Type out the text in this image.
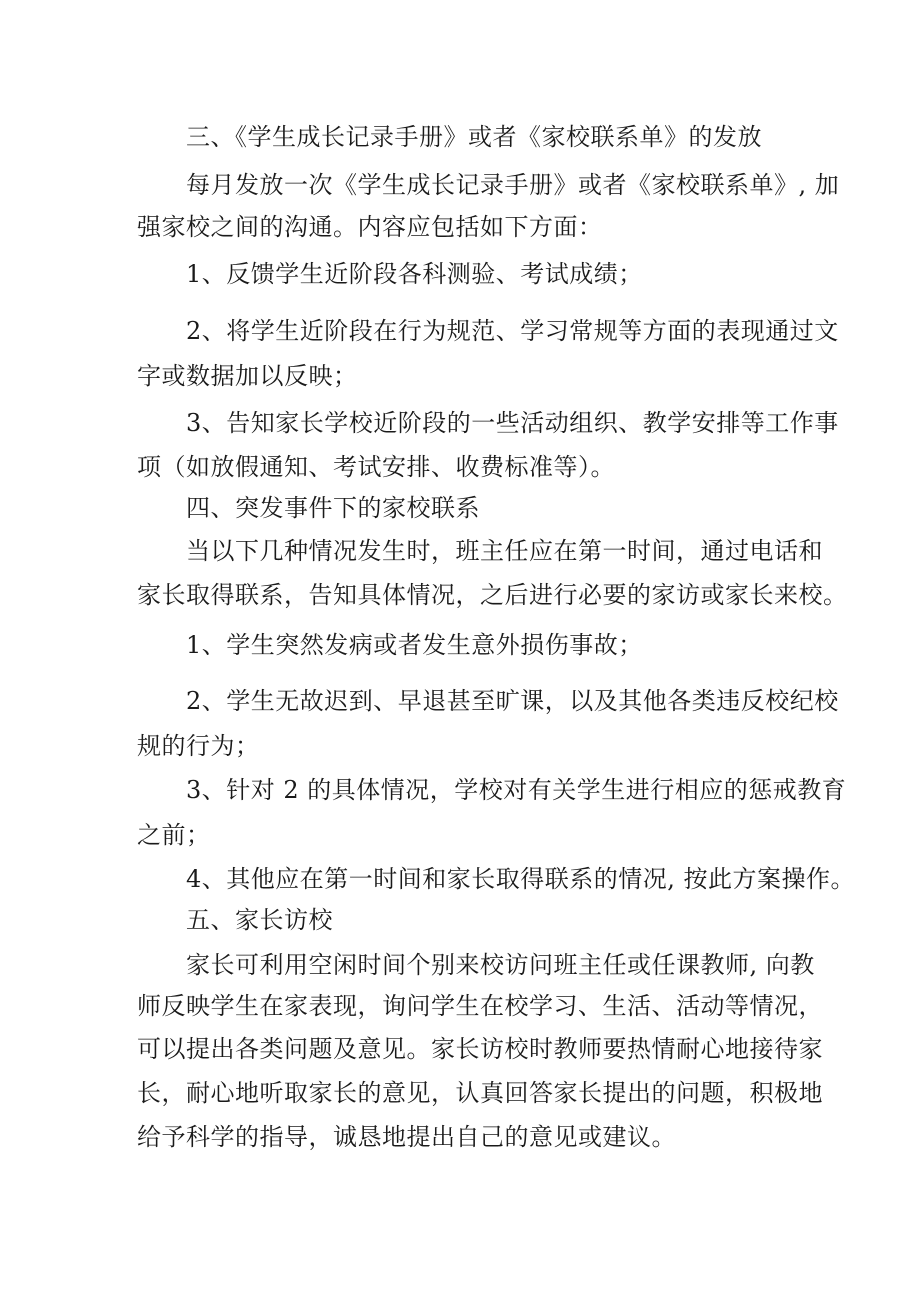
三、《学生成长记录手册》或者《家校联系单》的发放
每月发放一次《学生成长记录手册》或者《家校联系单》, 加
强家校之间的沟通。内容应包括如下方面：
1、反馈学生近阶段各科测验、考试成绩；
2、将学生近阶段在行为规范、学习常规等方面的表现通过文
字或数据加以反映；
3、告知家长学校近阶段的一些活动组织、教学安排等工作事
项（如放假通知、考试安排、收费标准等）。
四、突发事件下的家校联系
当以下几种情况发生时，班主任应在第一时间，通过电话和
家长取得联系，告知具体情况，之后进行必要的家访或家长来校。
1、学生突然发病或者发生意外损伤事故；
2、学生无故迟到、早退甚至旷课，以及其他各类违反校纪校
规的行为；
3、针对 2 的具体情况，学校对有关学生进行相应的惩戒教育
之前；
4、其他应在第一时间和家长取得联系的情况, 按此方案操作。
五、家长访校
家长可利用空闲时间个别来校访问班主任或任课教师, 向教
师反映学生在家表现，询问学生在校学习、生活、活动等情况，
可以提出各类问题及意见。家长访校时教师要热情耐心地接待家
长，耐心地听取家长的意见，认真回答家长提出的问题，积极地
给予科学的指导，诚恳地提出自己的意见或建议。
